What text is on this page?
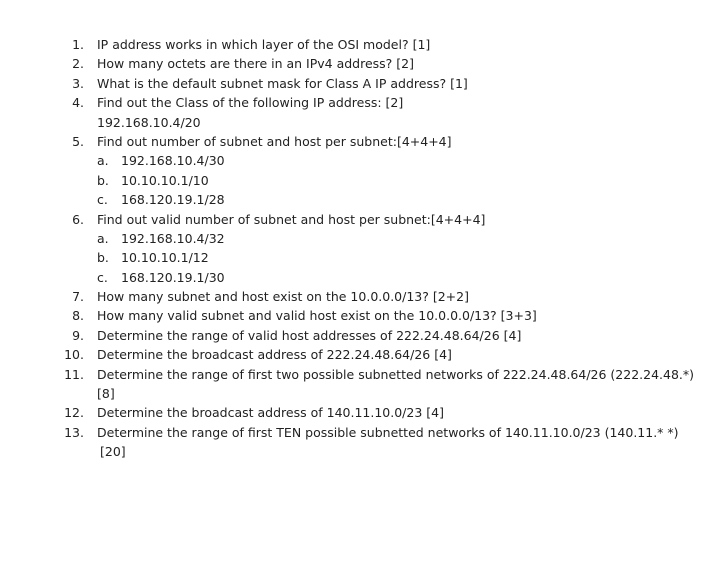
1. IP address works in which layer of the OSI model? [1]
2. How many octets are there in an IPv4 address? [2]
3. What is the default subnet mask for Class A IP address? [1]
4. Find out the Class of the following IP address: [2]
192.168.10.4/20
5. Find out number of subnet and host per subnet:[4+4+4]
a. 192.168.10.4/30
b. 10.10.10.1/10
c. 168.120.19.1/28
6. Find out valid number of subnet and host per subnet:[4+4+4]
a. 192.168.10.4/32
b. 10.10.10.1/12
c. 168.120.19.1/30
7. How many subnet and host exist on the 10.0.0.0/13? [2+2]
8. How many valid subnet and valid host exist on the 10.0.0.0/13? [3+3]
9. Determine the range of valid host addresses of 222.24.48.64/26 [4]
10. Determine the broadcast address of 222.24.48.64/26 [4]
11. Determine the range of first two possible subnetted networks of 222.24.48.64/26 (222.24.48.*)
[8]
12. Determine the broadcast address of 140.11.10.0/23 [4]
13. Determine the range of first TEN possible subnetted networks of 140.11.10.0/23 (140.11.* *)
[20]
